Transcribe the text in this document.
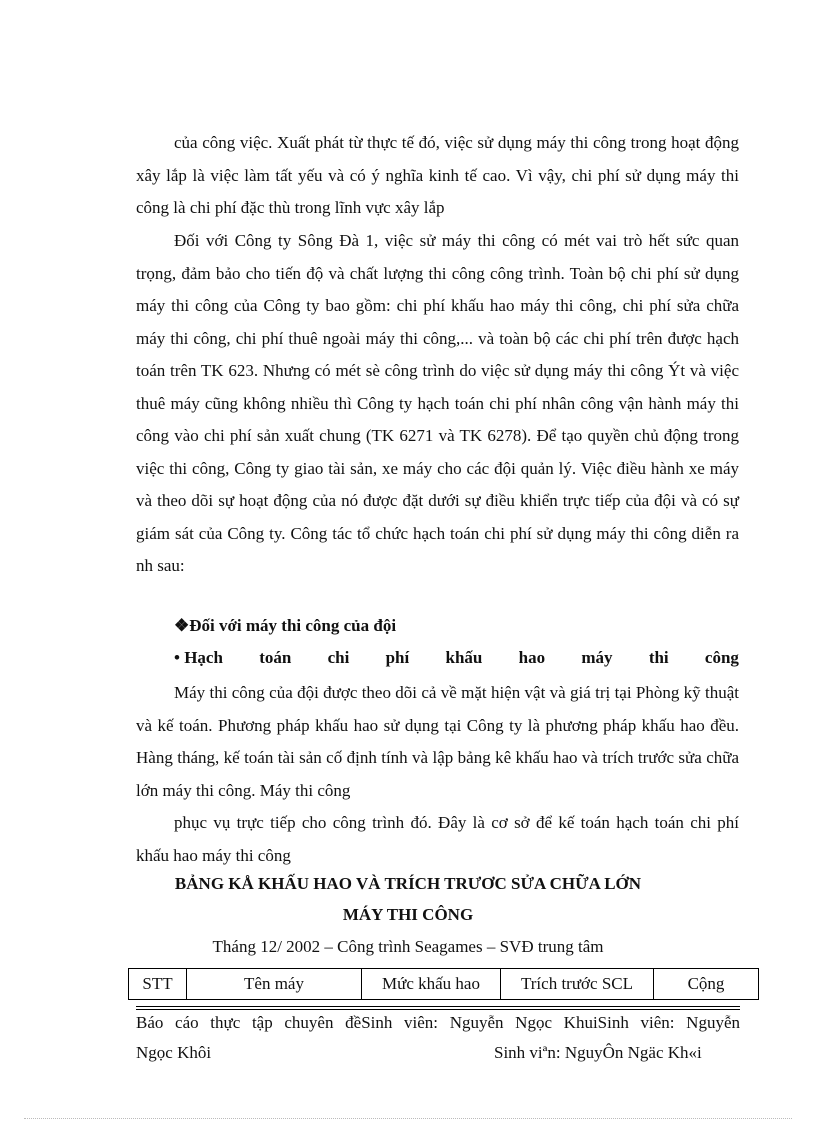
của công việc. Xuất phát từ thực tế đó, việc sử dụng máy thi công trong hoạt động xây lắp là việc làm tất yếu và có ý nghĩa kinh tế cao. Vì vậy, chi phí sử dụng máy thi công là chi phí đặc thù trong lĩnh vực xây lắp

Đối với Công ty Sông Đà 1, việc sử máy thi công có mét vai trò hết sức quan trọng, đảm bảo cho tiến độ và chất lượng thi công công trình. Toàn bộ chi phí sử dụng máy thi công của Công ty bao gồm: chi phí khấu hao máy thi công, chi phí sửa chữa máy thi công, chi phí thuê ngoài máy thi công,... và toàn bộ các chi phí trên được hạch toán trên TK 623. Nhưng có mét sè công trình do việc sử dụng máy thi công Ýt và việc thuê máy cũng không nhiều thì Công ty hạch toán chi phí nhân công vận hành máy thi công vào chi phí sản xuất chung (TK 6271 và TK 6278). Để tạo quyền chủ động trong việc thi công, Công ty giao tài sản, xe máy cho các đội quản lý. Việc điều hành xe máy và theo dõi sự hoạt động của nó được đặt dưới sự điều khiển trực tiếp của đội và có sự giám sát của Công ty. Công tác tổ chức hạch toán chi phí sử dụng máy thi công diễn ra nh sau:

❖Đối với máy thi công của đội
• Hạch toán chi phí khấu hao máy thi công

Máy thi công của đội được theo dõi cả về mặt hiện vật và giá trị tại Phòng kỹ thuật và kế toán. Phương pháp khấu hao sử dụng tại Công ty là phương pháp khấu hao đều. Hàng tháng, kế toán tài sản cố định tính và lập bảng kê khấu hao và trích trước sửa chữa lớn máy thi công. Máy thi công

phục vụ trực tiếp cho công trình đó. Đây là cơ sở để kế toán hạch toán chi phí khấu hao máy thi công

BẢNG KÅ KHẤU HAO VÀ TRÍCH TRƯƠC SỬA CHỮA LỚN
MÁY THI CÔNG
Tháng 12/ 2002 – Công trình Seagames – SVĐ trung tâm
STT	Tên máy	Mức khấu hao	Trích trước SCL	Cộng
Báo cáo thực tập chuyên đềSinh viên: Nguyễn Ngọc KhuiSinh viên: Nguyễn
Ngọc Khôi	Sinh viªn: NguyÔn Ngäc Kh«i
